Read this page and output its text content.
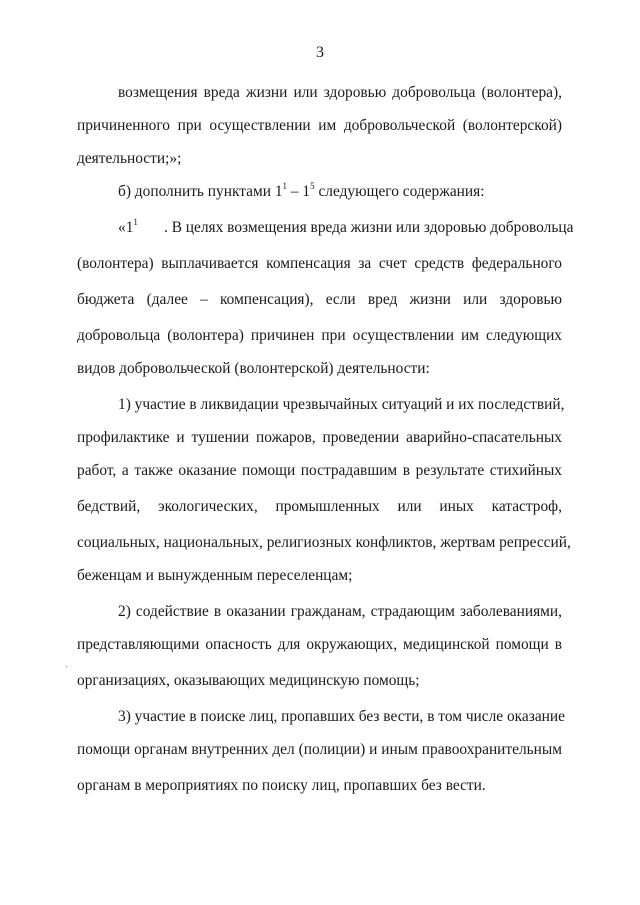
3
возмещения вреда жизни или здоровью добровольца (волонтера),
причиненного при осуществлении им добровольческой (волонтерской)
деятельности;»;
б) дополнить пунктами $1^1 - 1^5$ следующего содержания:
«$1^1$ . В целях возмещения вреда жизни или здоровью добровольца
(волонтера) выплачивается компенсация за счет средств федерального
бюджета (далее – компенсация), если вред жизни или здоровью
добровольца (волонтера) причинен при осуществлении им следующих
видов добровольческой (волонтерской) деятельности:
1) участие в ликвидации чрезвычайных ситуаций и их последствий,
профилактике и тушении пожаров, проведении аварийно-спасательных
работ, а также оказание помощи пострадавшим в результате стихийных
бедствий, экологических, промышленных или иных катастроф,
социальных, национальных, религиозных конфликтов, жертвам репрессий,
беженцам и вынужденным переселенцам;
2) содействие в оказании гражданам, страдающим заболеваниями,
представляющими опасность для окружающих, медицинской помощи в
организациях, оказывающих медицинскую помощь;
3) участие в поиске лиц, пропавших без вести, в том числе оказание
помощи органам внутренних дел (полиции) и иным правоохранительным
органам в мероприятиях по поиску лиц, пропавших без вести.
